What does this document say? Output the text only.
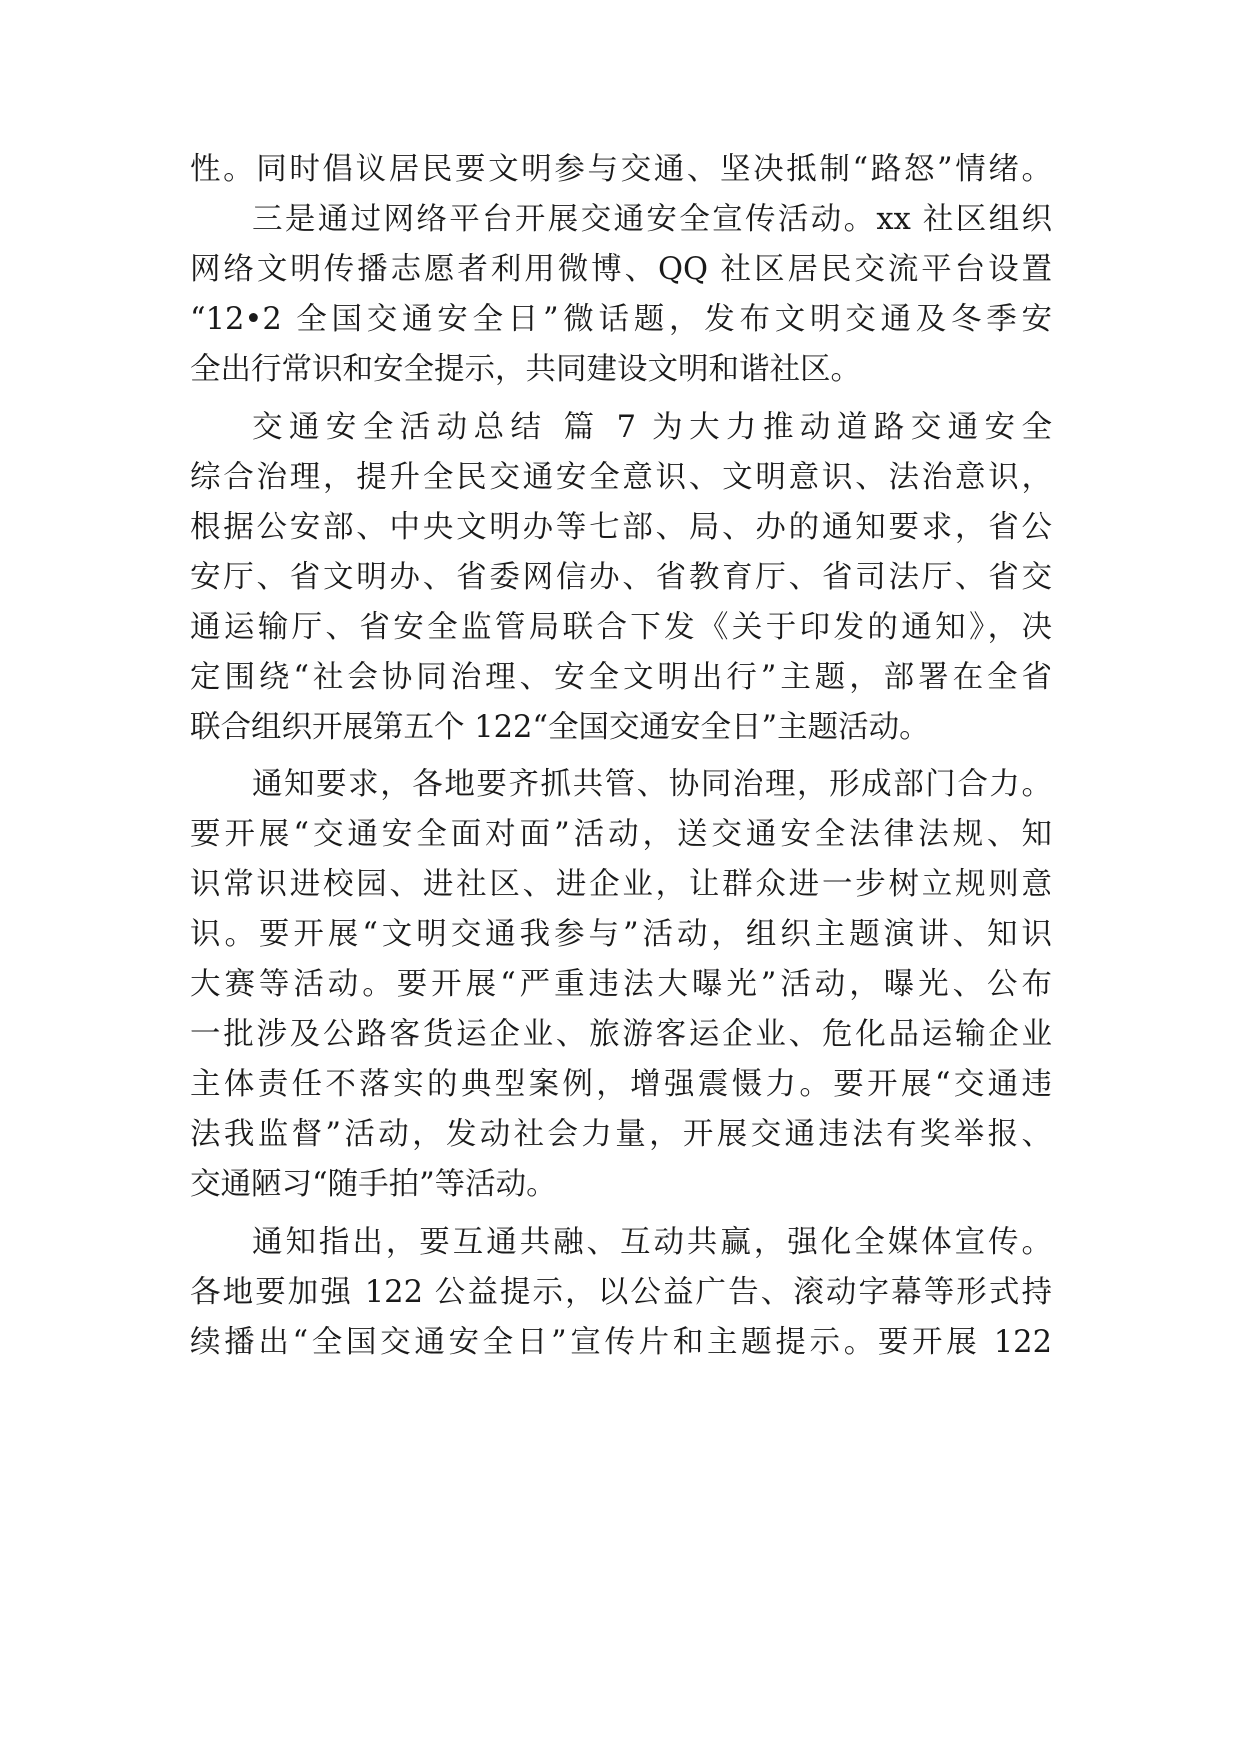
性。同时倡议居民要文明参与交通、坚决抵制“路怒”情绪。
三是通过网络平台开展交通安全宣传活动。xx 社区组织
网络文明传播志愿者利用微博、QQ 社区居民交流平台设置
“12•2 全国交通安全日”微话题，发布文明交通及冬季安
全出行常识和安全提示，共同建设文明和谐社区。
交通安全活动总结 篇 7 为大力推动道路交通安全
综合治理，提升全民交通安全意识、文明意识、法治意识，
根据公安部、中央文明办等七部、局、办的通知要求，省公
安厅、省文明办、省委网信办、省教育厅、省司法厅、省交
通运输厅、省安全监管局联合下发《关于印发的通知》，决
定围绕“社会协同治理、安全文明出行”主题，部署在全省
联合组织开展第五个 122“全国交通安全日”主题活动。
通知要求，各地要齐抓共管、协同治理，形成部门合力。
要开展“交通安全面对面”活动，送交通安全法律法规、知
识常识进校园、进社区、进企业，让群众进一步树立规则意
识。要开展“文明交通我参与”活动，组织主题演讲、知识
大赛等活动。要开展“严重违法大曝光”活动，曝光、公布
一批涉及公路客货运企业、旅游客运企业、危化品运输企业
主体责任不落实的典型案例，增强震慑力。要开展“交通违
法我监督”活动，发动社会力量，开展交通违法有奖举报、
交通陋习“随手拍”等活动。
通知指出，要互通共融、互动共赢，强化全媒体宣传。
各地要加强 122 公益提示，以公益广告、滚动字幕等形式持
续播出“全国交通安全日”宣传片和主题提示。要开展 122
